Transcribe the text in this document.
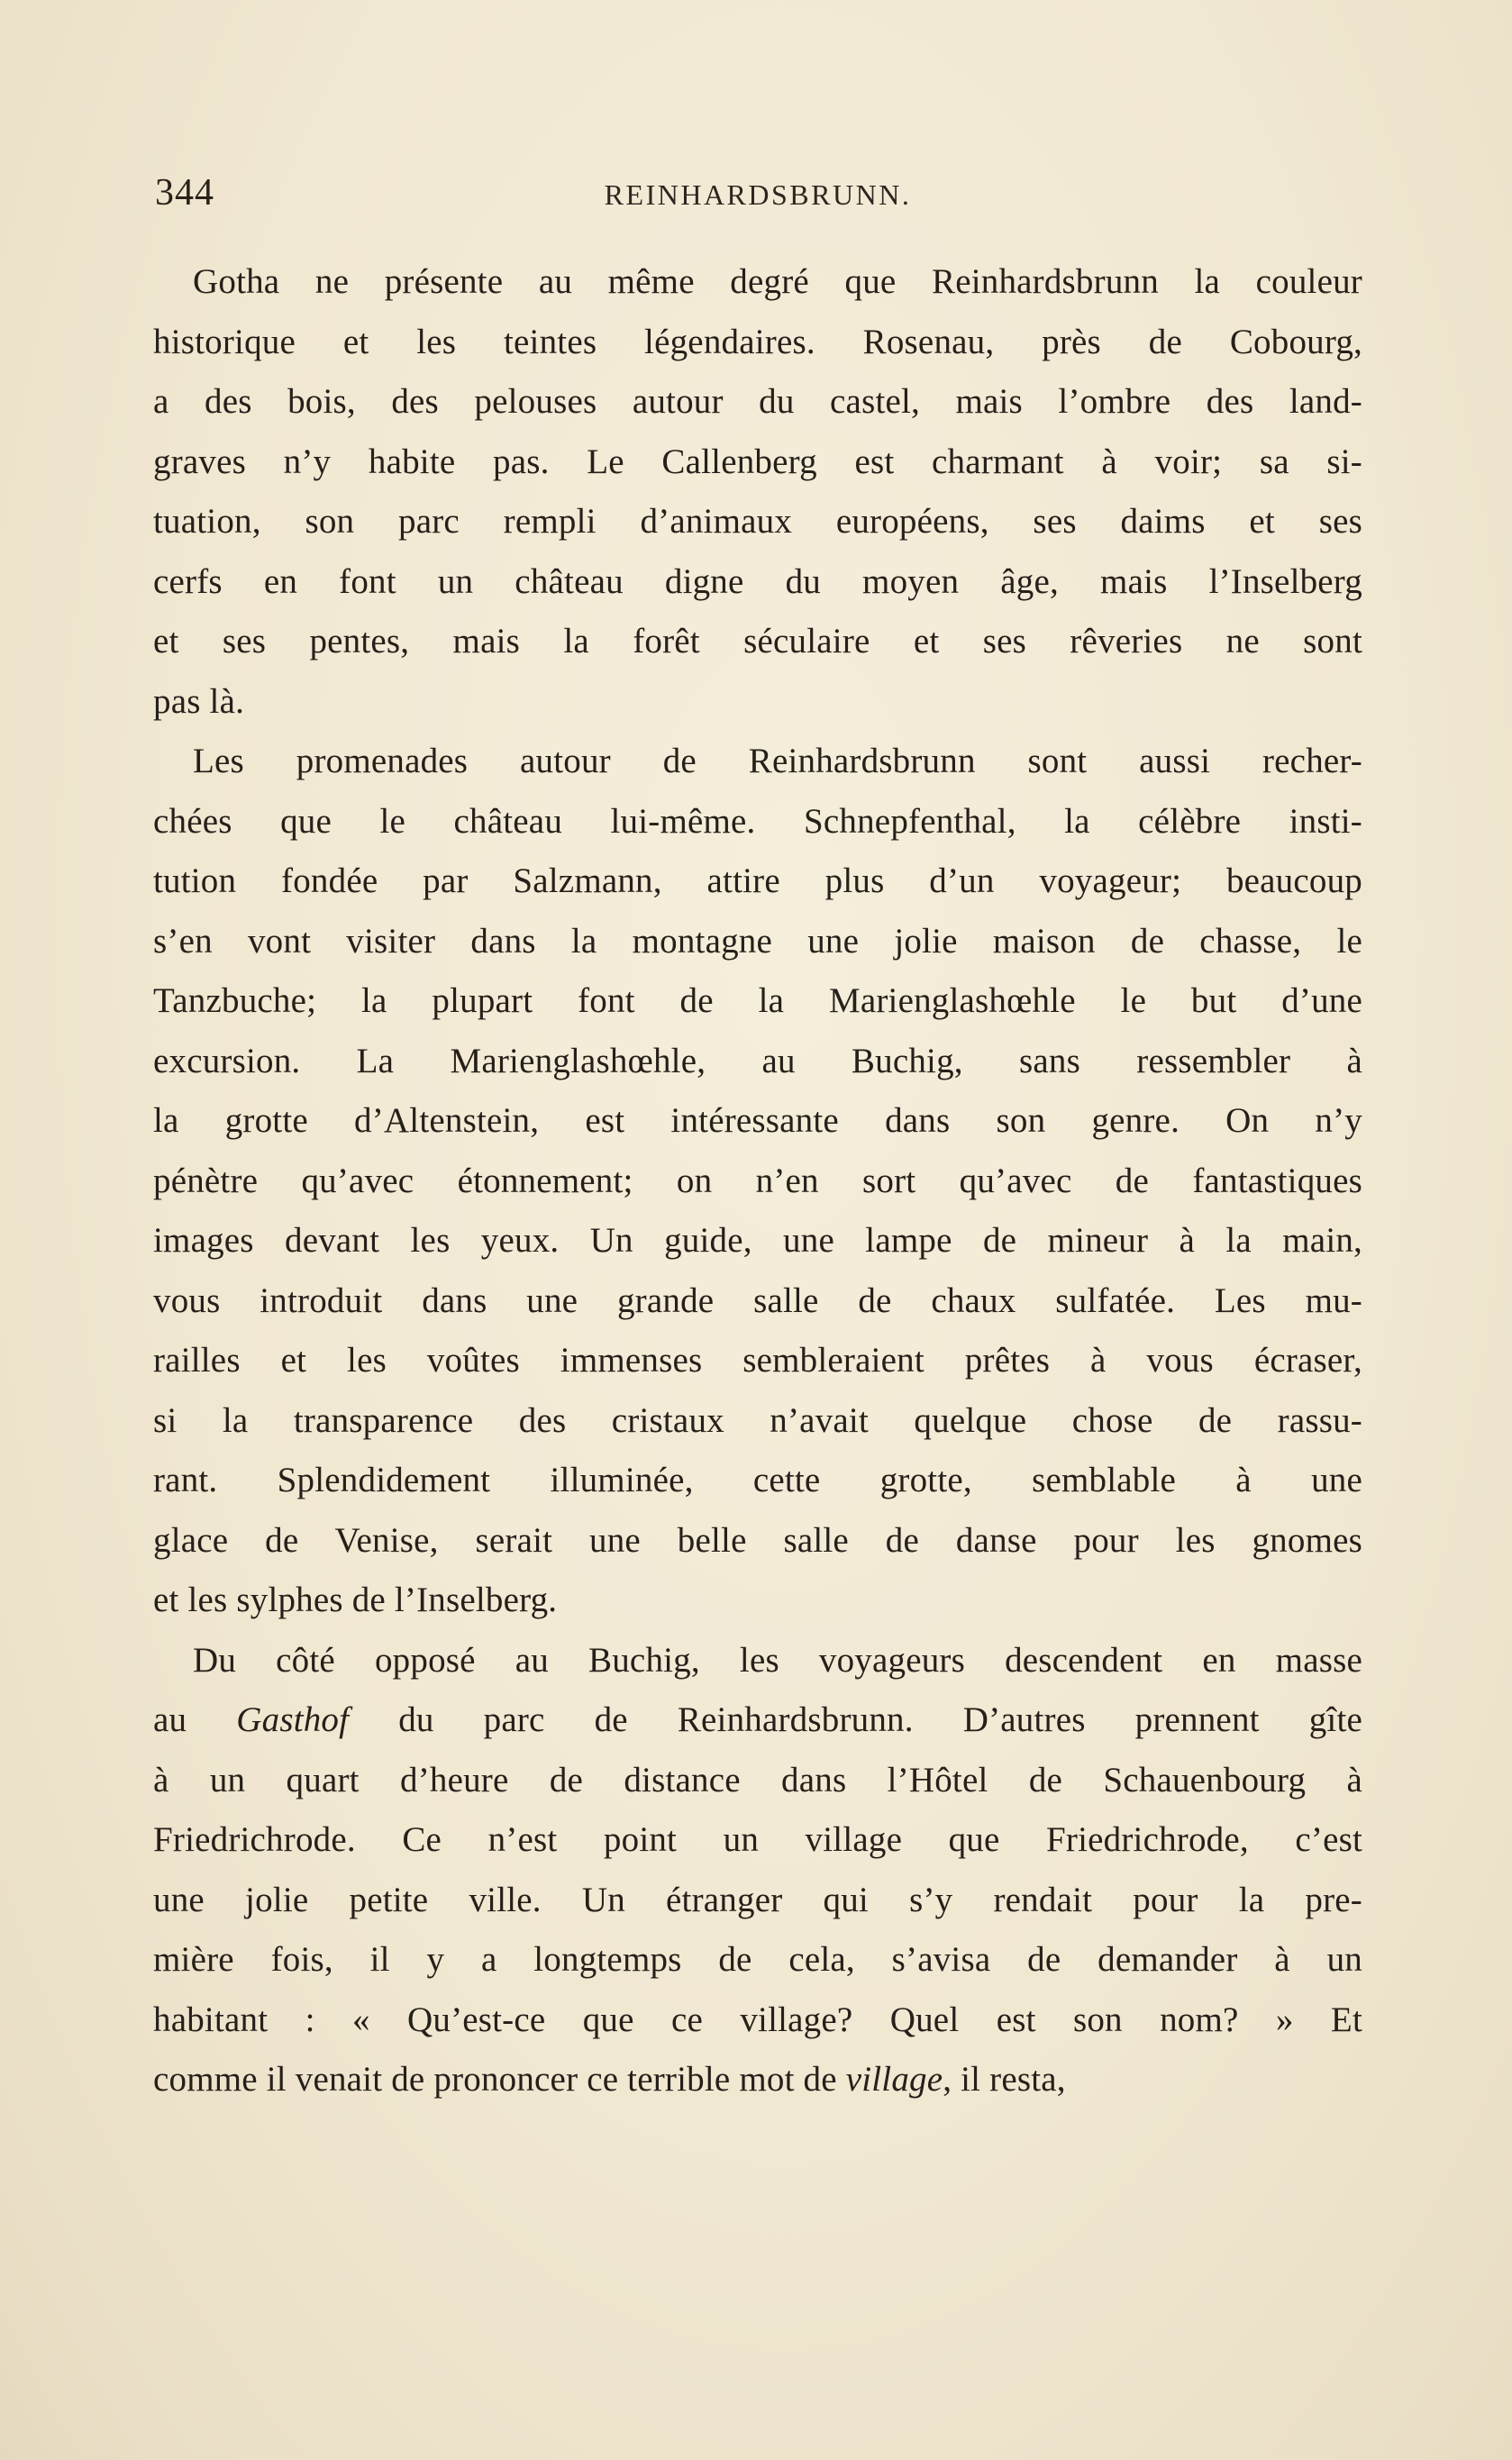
344	REINHARDSBRUNN.
Gotha ne présente au même degré que Reinhardsbrunn la couleur
historique et les teintes légendaires. Rosenau, près de Cobourg,
a des bois, des pelouses autour du castel, mais l’ombre des land-
graves n’y habite pas. Le Callenberg est charmant à voir; sa si-
tuation, son parc rempli d’animaux européens, ses daims et ses
cerfs en font un château digne du moyen âge, mais l’Inselberg
et ses pentes, mais la forêt séculaire et ses rêveries ne sont
pas là.
Les promenades autour de Reinhardsbrunn sont aussi recher-
chées que le château lui-même. Schnepfenthal, la célèbre insti-
tution fondée par Salzmann, attire plus d’un voyageur; beaucoup
s’en vont visiter dans la montagne une jolie maison de chasse, le
Tanzbuche; la plupart font de la Marienglashœhle le but d’une
excursion. La Marienglashœhle, au Buchig, sans ressembler à
la grotte d’Altenstein, est intéressante dans son genre. On n’y
pénètre qu’avec étonnement; on n’en sort qu’avec de fantastiques
images devant les yeux. Un guide, une lampe de mineur à la main,
vous introduit dans une grande salle de chaux sulfatée. Les mu-
railles et les voûtes immenses sembleraient prêtes à vous écraser,
si la transparence des cristaux n’avait quelque chose de rassu-
rant. Splendidement illuminée, cette grotte, semblable à une
glace de Venise, serait une belle salle de danse pour les gnomes
et les sylphes de l’Inselberg.
Du côté opposé au Buchig, les voyageurs descendent en masse
au Gasthof du parc de Reinhardsbrunn. D’autres prennent gîte
à un quart d’heure de distance dans l’Hôtel de Schauenbourg à
Friedrichrode. Ce n’est point un village que Friedrichrode, c’est
une jolie petite ville. Un étranger qui s’y rendait pour la pre-
mière fois, il y a longtemps de cela, s’avisa de demander à un
habitant : « Qu’est-ce que ce village? Quel est son nom? » Et
comme il venait de prononcer ce terrible mot de village, il resta,
